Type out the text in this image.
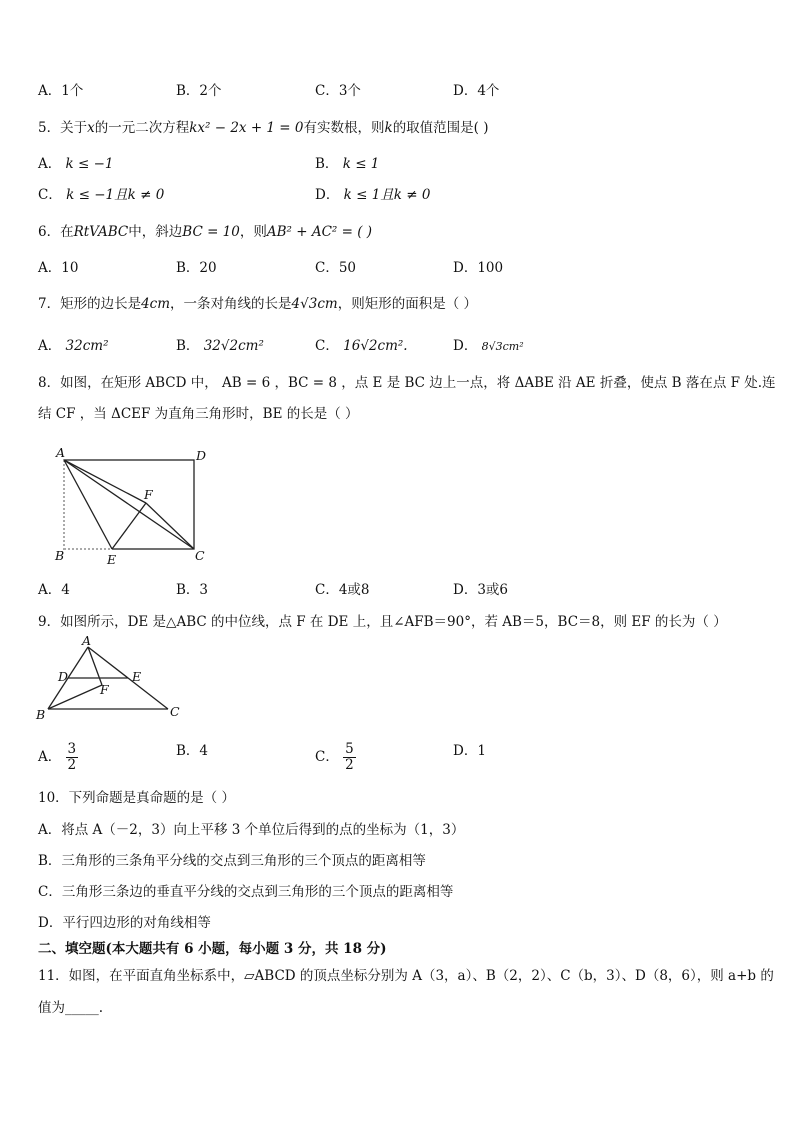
A．1个	B．2个	C．3个	D．4个
5．关于x的一元二次方程kx² − 2x + 1 = 0有实数根，则k的取值范围是( )
A． k ≤ −1	B． k ≤ 1
C． k ≤ −1且k ≠ 0	D． k ≤ 1且k ≠ 0
6．在RtVABC中，斜边BC = 10，则AB² + AC² = ( )
A．10	B．20	C．50	D．100
7．矩形的边长是4cm，一条对角线的长是4√3cm，则矩形的面积是（ ）
A． 32cm²	B． 32√2cm²	C． 16√2cm².	D． 8√3cm²
8．如图，在矩形 ABCD 中， AB = 6 ，BC = 8 ，点 E 是 BC 边上一点，将 ΔABE 沿 AE 折叠，使点 B 落在点 F 处.连
结 CF ，当 ΔCEF 为直角三角形时，BE 的长是（ ）
A	D
F
B	E	C
A．4	B．3	C．4或8	D．3或6
9．如图所示，DE 是△ABC 的中位线，点 F 在 DE 上，且∠AFB＝90°，若 AB＝5，BC＝8，则 EF 的长为（ ）
A
D	E
F
B	C
A． $\frac{3}{2}$	B．4	C． $\frac{5}{2}$	D．1
10．下列命题是真命题的是（ ）
A．将点 A（－2，3）向上平移 3 个单位后得到的点的坐标为（1，3）
B．三角形的三条角平分线的交点到三角形的三个顶点的距离相等
C．三角形三条边的垂直平分线的交点到三角形的三个顶点的距离相等
D．平行四边形的对角线相等
二、填空题(本大题共有 6 小题，每小题 3 分，共 18 分)
11．如图，在平面直角坐标系中，▱ABCD 的顶点坐标分别为 A（3，a）、B（2，2）、C（b，3）、D（8，6），则 a+b 的
值为_____.
